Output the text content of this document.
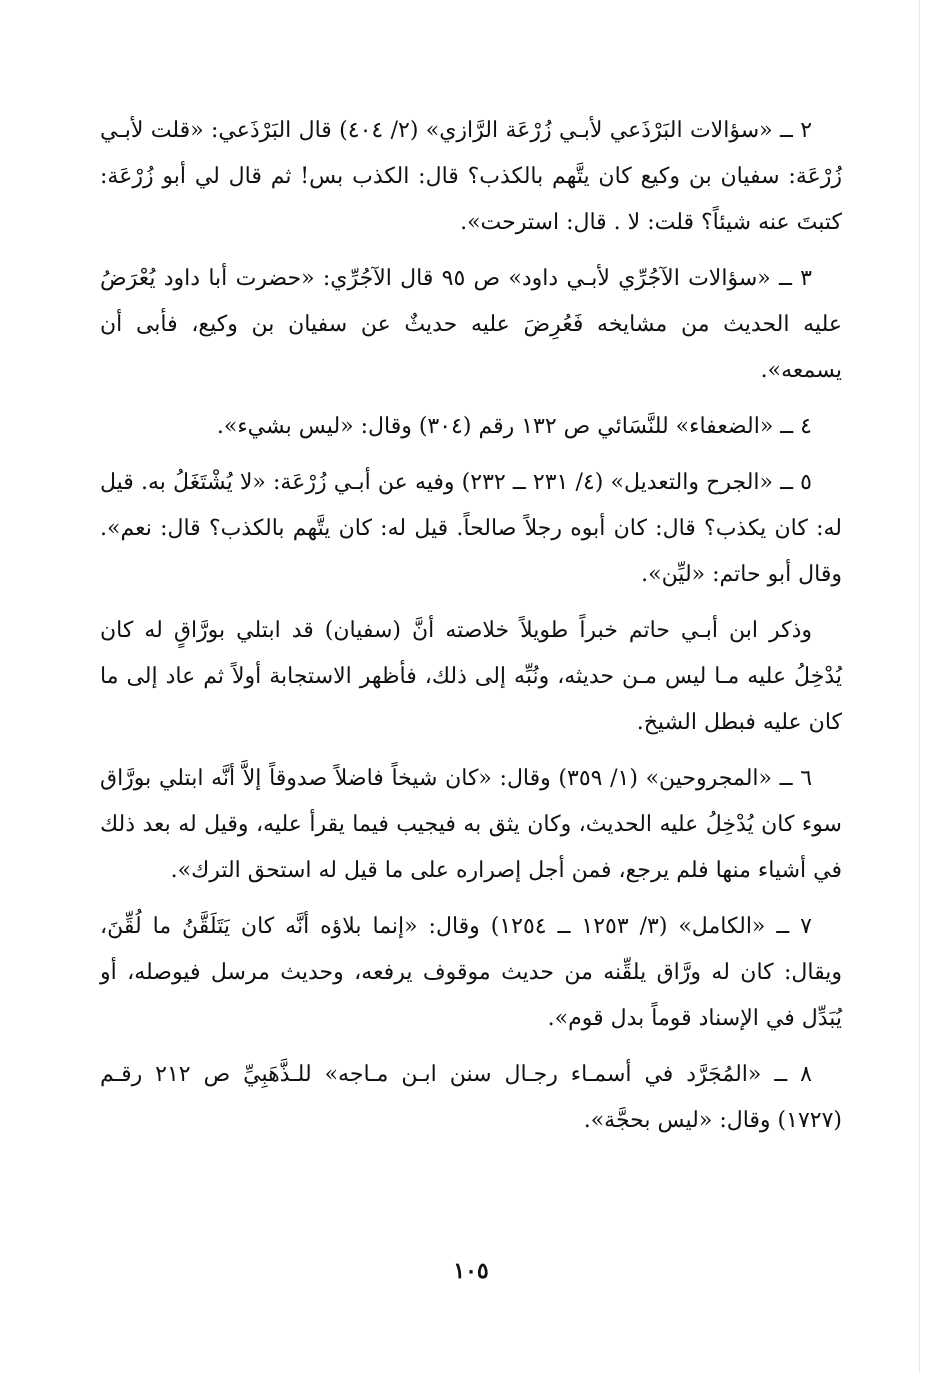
٢ ــ «سؤالات البَرْذَعي لأبـي زُرْعَة الرَّازي» (٢/ ٤٠٤) قال البَرْذَعي: «قلت لأبـي زُرْعَة: سفيان بن وكيع كان يتَّهم بالكذب؟ قال: الكذب بس! ثم قال لي أبو زُرْعَة: كتبتَ عنه شيئاً؟ قلت: لا . قال: استرحت».

٣ ــ «سؤالات الآجُرِّي لأبـي داود» ص ٩٥ قال الآجُرِّي: «حضرت أبا داود يُعْرَضُ عليه الحديث من مشايخه فَعُرِضَ عليه حديثٌ عن سفيان بن وكيع، فأبى أن يسمعه».

٤ ــ «الضعفاء» للنَّسَائي ص ١٣٢ رقم (٣٠٤) وقال: «ليس بشيء».

٥ ــ «الجرح والتعديل» (٤/ ٢٣١ ــ ٢٣٢) وفيه عن أبـي زُرْعَة: «لا يُشْتَغَلُ به. قيل له: كان يكذب؟ قال: كان أبوه رجلاً صالحاً. قيل له: كان يتَّهم بالكذب؟ قال: نعم». وقال أبو حاتم: «ليِّن».

وذكر ابن أبـي حاتم خبراً طويلاً خلاصته أنَّ (سفيان) قد ابتلي بورَّاقٍ له كان يُدْخِلُ عليه مـا ليس مـن حديثه، ونُبِّه إلى ذلك، فأظهر الاستجابة أولاً ثم عاد إلى ما كان عليه فبطل الشيخ.

٦ ــ «المجروحين» (١/ ٣٥٩) وقال: «كان شيخاً فاضلاً صدوقاً إلاَّ أنَّه ابتلي بورَّاق سوء كان يُدْخِلُ عليه الحديث، وكان يثق به فيجيب فيما يقرأ عليه، وقيل له بعد ذلك في أشياء منها فلم يرجع، فمن أجل إصراره على ما قيل له استحق الترك».

٧ ــ «الكامل» (٣/ ١٢٥٣ ــ ١٢٥٤) وقال: «إنما بلاؤه أنَّه كان يَتَلَقَّنُ ما لُقِّنَ، ويقال: كان له ورَّاق يلقِّنه من حديث موقوف يرفعه، وحديث مرسل فيوصله، أو يُبَدِّل في الإسناد قوماً بدل قوم».

٨ ــ «المُجَرَّد في أسمـاء رجـال سنن ابـن مـاجه» للـذَّهَبِيِّ ص ٢١٢ رقـم (١٧٢٧) وقال: «ليس بحجَّة».

١٠٥
